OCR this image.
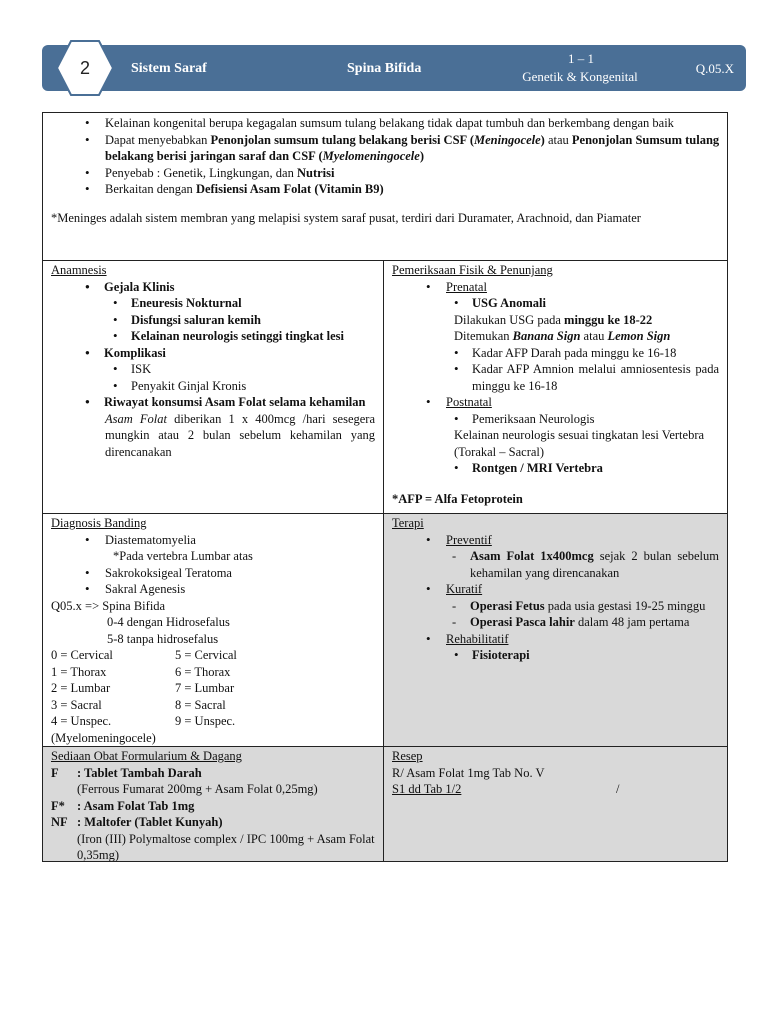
2	Sistem Saraf	Spina Bifida
1 – 1
Genetik & Kongenital
Q.05.X
• Kelainan kongenital berupa kegagalan sumsum tulang belakang tidak dapat tumbuh dan berkembang dengan baik
• Dapat menyebabkan Penonjolan sumsum tulang belakang berisi CSF (Meningocele) atau Penonjolan Sumsum tulang belakang berisi jaringan saraf dan CSF (Myelomeningocele)
• Penyebab : Genetik, Lingkungan, dan Nutrisi
• Berkaitan dengan Defisiensi Asam Folat (Vitamin B9)
*Meninges adalah sistem membran yang melapisi system saraf pusat, terdiri dari Duramater, Arachnoid, dan Piamater
Anamnesis
● Gejala Klinis
• Eneuresis Nokturnal
• Disfungsi saluran kemih
• Kelainan neurologis setinggi tingkat lesi
● Komplikasi
• ISK
• Penyakit Ginjal Kronis
● Riwayat konsumsi Asam Folat selama kehamilan
Asam Folat diberikan 1 x 400mcg /hari sesegera mungkin atau 2 bulan sebelum kehamilan yang direncanakan
Pemeriksaan Fisik & Penunjang
• Prenatal
• USG Anomali
Dilakukan USG pada minggu ke 18-22
Ditemukan Banana Sign atau Lemon Sign
• Kadar AFP Darah pada minggu ke 16-18
• Kadar AFP Amnion melalui amniosentesis pada minggu ke 16-18
• Postnatal
• Pemeriksaan Neurologis
Kelainan neurologis sesuai tingkatan lesi Vertebra (Torakal – Sacral)
• Rontgen / MRI Vertebra
*AFP = Alfa Fetoprotein
Diagnosis Banding
• Diastematomyelia
*Pada vertebra Lumbar atas
• Sakrokoksigeal Teratoma
• Sakral Agenesis
Q05.x => Spina Bifida
0-4 dengan Hidrosefalus
5-8 tanpa hidrosefalus
0 = Cervical
1 = Thorax
2 = Lumbar
3 = Sacral
4 = Unspec.
5 = Cervical
6 = Thorax
7 = Lumbar
8 = Sacral
9 = Unspec.
(Myelomeningocele)
Terapi
• Preventif
- Asam Folat 1x400mcg sejak 2 bulan sebelum kehamilan yang direncanakan
• Kuratif
- Operasi Fetus pada usia gestasi 19-25 minggu
- Operasi Pasca lahir dalam 48 jam pertama
• Rehabilitatif
• Fisioterapi
Sediaan Obat Formularium & Dagang
F : Tablet Tambah Darah
(Ferrous Fumarat 200mg + Asam Folat 0,25mg)
F* : Asam Folat Tab 1mg
NF : Maltofer (Tablet Kunyah)
(Iron (III) Polymaltose complex / IPC 100mg + Asam Folat 0,35mg)
Resep
R/ Asam Folat 1mg Tab No. V
S1 dd Tab 1/2	/
